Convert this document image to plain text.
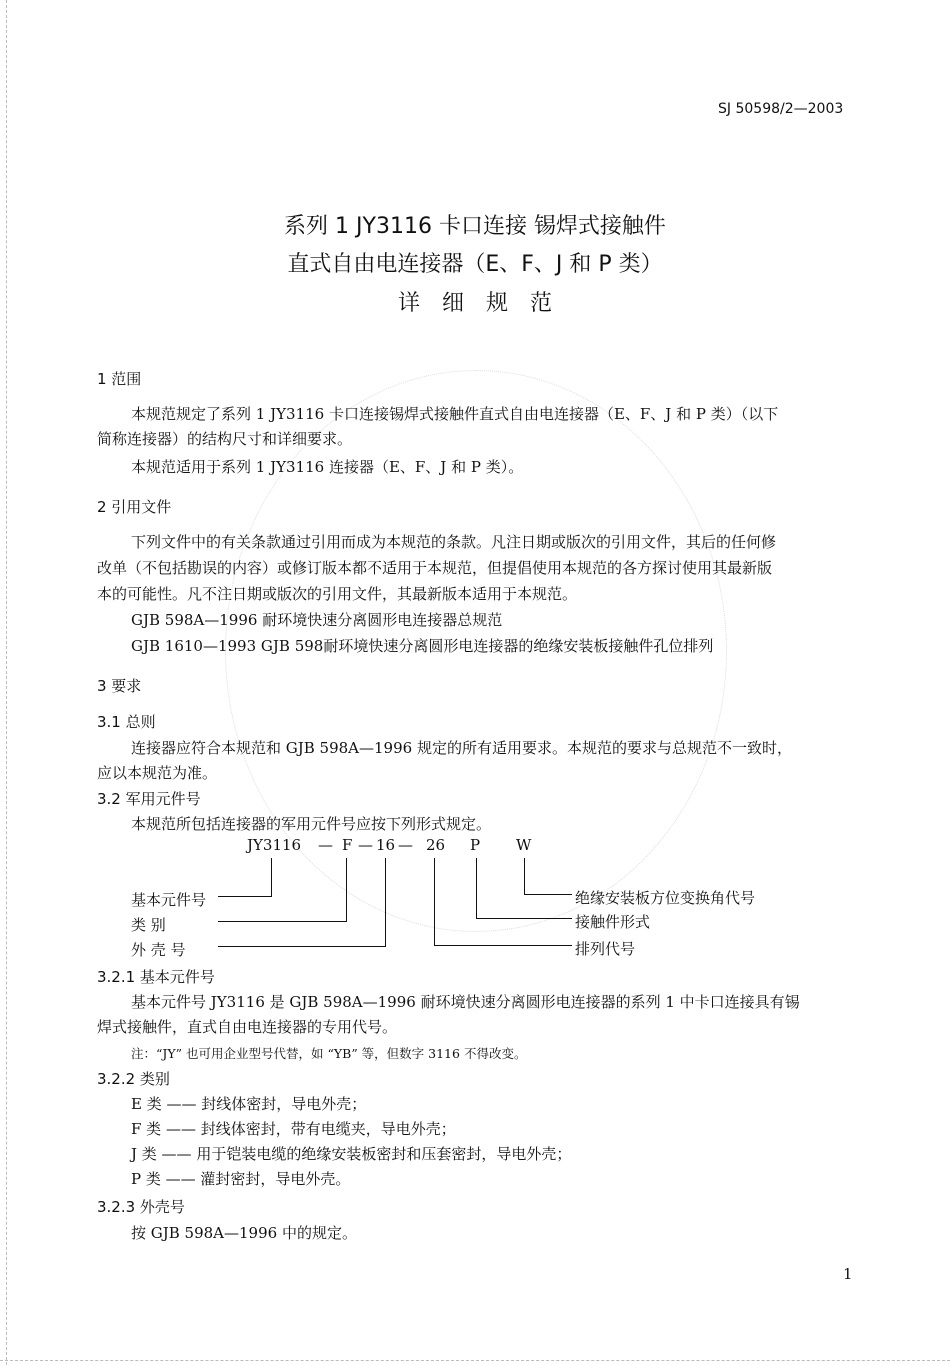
SJ 50598/2—2003
系列 1 JY3116 卡口连接 锡焊式接触件
直式自由电连接器（E、F、J 和 P 类）
详细规范
1 范围
本规范规定了系列 1 JY3116 卡口连接锡焊式接触件直式自由电连接器（E、F、J 和 P 类）（以下
简称连接器）的结构尺寸和详细要求。
本规范适用于系列 1 JY3116 连接器（E、F、J 和 P 类）。
2 引用文件
下列文件中的有关条款通过引用而成为本规范的条款。凡注日期或版次的引用文件，其后的任何修
改单（不包括勘误的内容）或修订版本都不适用于本规范，但提倡使用本规范的各方探讨使用其最新版
本的可能性。凡不注日期或版次的引用文件，其最新版本适用于本规范。
GJB 598A—1996 耐环境快速分离圆形电连接器总规范
GJB 1610—1993 GJB 598耐环境快速分离圆形电连接器的绝缘安装板接触件孔位排列
3 要求
3.1 总则
连接器应符合本规范和 GJB 598A—1996 规定的所有适用要求。本规范的要求与总规范不一致时，
应以本规范为准。
3.2 军用元件号
本规范所包括连接器的军用元件号应按下列形式规定。
JY3116 — F — 16 — 26 P W
基本元件号
类 别
外 壳 号
绝缘安装板方位变换角代号
接触件形式
排列代号
3.2.1 基本元件号
基本元件号 JY3116 是 GJB 598A—1996 耐环境快速分离圆形电连接器的系列 1 中卡口连接具有锡
焊式接触件，直式自由电连接器的专用代号。
注：“JY” 也可用企业型号代替，如 “YB” 等，但数字 3116 不得改变。
3.2.2 类别
E 类 —— 封线体密封，导电外壳；
F 类 —— 封线体密封，带有电缆夹，导电外壳；
J 类 —— 用于铠装电缆的绝缘安装板密封和压套密封，导电外壳；
P 类 —— 灌封密封，导电外壳。
3.2.3 外壳号
按 GJB 598A—1996 中的规定。
1
